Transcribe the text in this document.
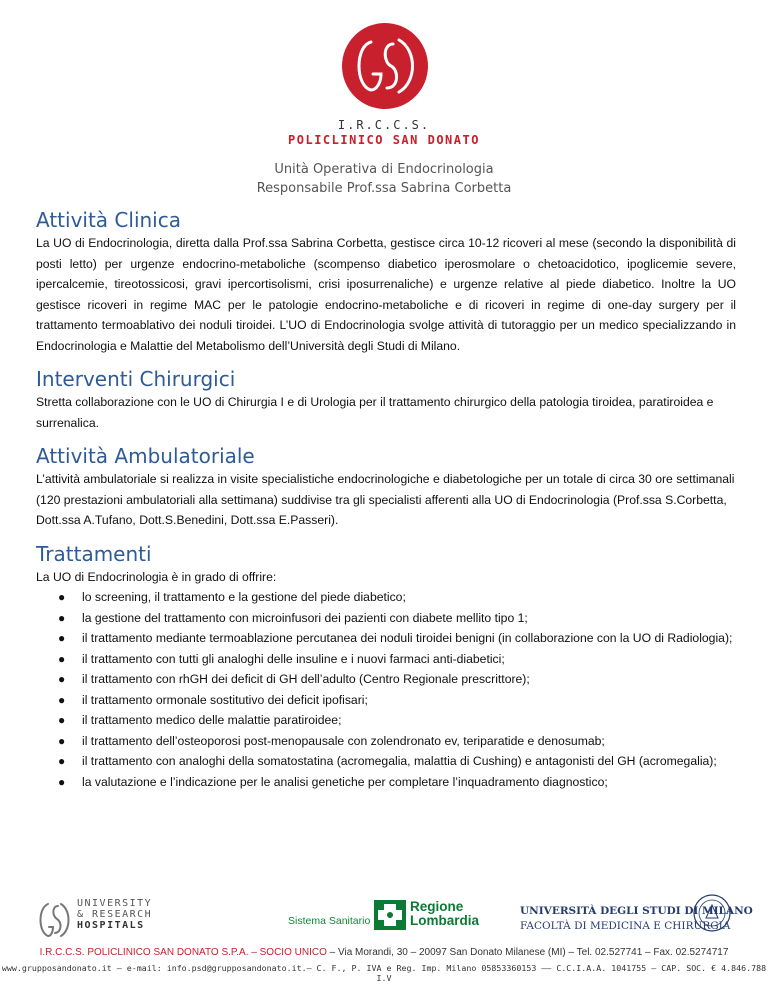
I.R.C.C.S.
POLICLINICO SAN DONATO
Unità Operativa di Endocrinologia
Responsabile Prof.ssa Sabrina Corbetta
Attività Clinica

La UO di Endocrinologia, diretta dalla Prof.ssa Sabrina Corbetta, gestisce circa 10-12 ricoveri al mese (secondo la disponibilità di posti letto) per urgenze endocrino-metaboliche (scompenso diabetico iperosmolare o chetoacidotico, ipoglicemie severe, ipercalcemie, tireotossicosi, gravi ipercortisolismi, crisi iposurrenaliche) e urgenze relative al piede diabetico. Inoltre la UO gestisce ricoveri in regime MAC per le patologie endocrino-metaboliche e di ricoveri in regime di one-day surgery per il trattamento termoablativo dei noduli tiroidei. L’UO di Endocrinologia svolge attività di tutoraggio per un medico specializzando in Endocrinologia e Malattie del Metabolismo dell’Università degli Studi di Milano.

Interventi Chirurgici

Stretta collaborazione con le UO di Chirurgia I e di Urologia per il trattamento chirurgico della patologia tiroidea, paratiroidea e surrenalica.

Attività Ambulatoriale

L’attività ambulatoriale si realizza in visite specialistiche endocrinologiche e diabetologiche per un totale di circa 30 ore settimanali (120 prestazioni ambulatoriali alla settimana) suddivise tra gli specialisti afferenti alla UO di Endocrinologia (Prof.ssa S.Corbetta, Dott.ssa A.Tufano, Dott.S.Benedini, Dott.ssa E.Passeri).

Trattamenti

La UO di Endocrinologia è in grado di offrire:

● lo screening, il trattamento e la gestione del piede diabetico;
● la gestione del trattamento con microinfusori dei pazienti con diabete mellito tipo 1;
● il trattamento mediante termoablazione percutanea dei noduli tiroidei benigni (in collaborazione con la UO di Radiologia);
● il trattamento con tutti gli analoghi delle insuline e i nuovi farmaci anti-diabetici;
● il trattamento con rhGH dei deficit di GH dell’adulto (Centro Regionale prescrittore);
● il trattamento ormonale sostitutivo dei deficit ipofisari;
● il trattamento medico delle malattie paratiroidee;
● il trattamento dell’osteoporosi post-menopausale con zolendronato ev, teriparatide e denosumab;
● il trattamento con analoghi della somatostatina (acromegalia, malattia di Cushing) e antagonisti del GH (acromegalia);
● la valutazione e l’indicazione per le analisi genetiche per completare l’inquadramento diagnostico;
UNIVERSITY
& RESEARCH
HOSPITALS	Sistema Sanitario
Regione
Lombardia
UNIVERSITÀ DEGLI STUDI DI MILANO
FACOLTÀ DI MEDICINA E CHIRURGIA
I.R.C.C.S. POLICLINICO SAN DONATO S.P.A. – SOCIO UNICO – Via Morandi, 30 – 20097 San Donato Milanese (MI) – Tel. 02.527741 – Fax. 02.5274717
www.grupposandonato.it – e-mail: info.psd@grupposandonato.it.– C. F., P. IVA e Reg. Imp. Milano 05853360153 –– C.C.I.A.A. 1041755 – CAP. SOC. € 4.846.788 I.V
